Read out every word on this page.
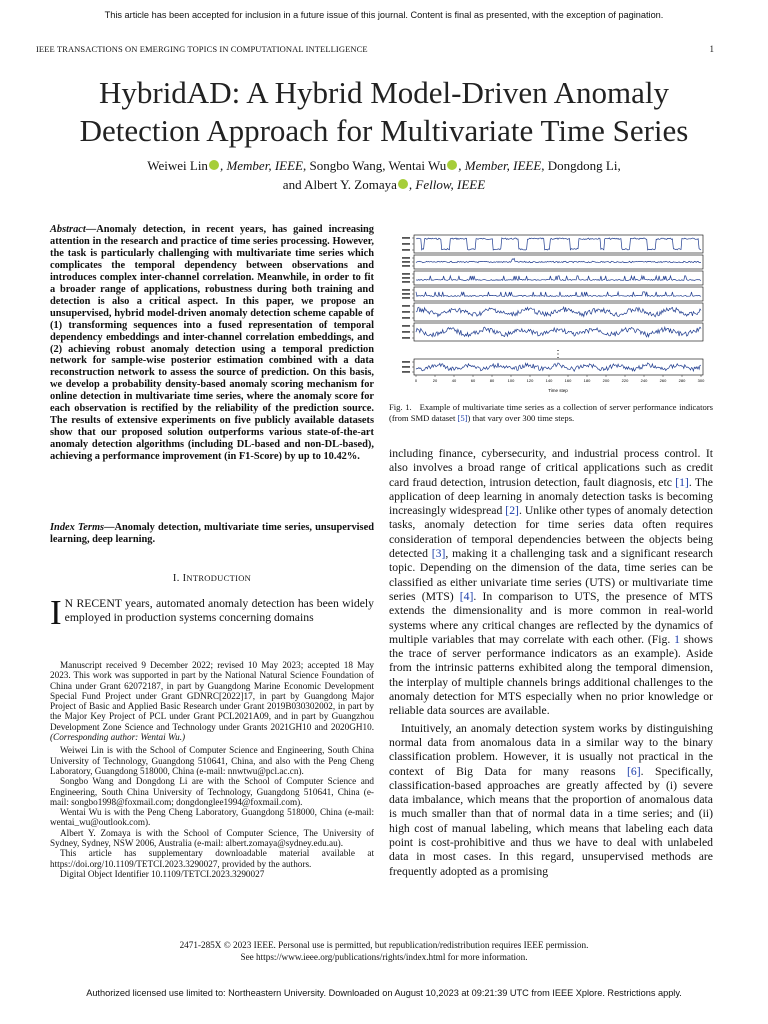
This article has been accepted for inclusion in a future issue of this journal. Content is final as presented, with the exception of pagination.
IEEE TRANSACTIONS ON EMERGING TOPICS IN COMPUTATIONAL INTELLIGENCE	1
HybridAD: A Hybrid Model-Driven Anomaly
Detection Approach for Multivariate Time Series
Weiwei Lin , Member, IEEE, Songbo Wang, Wentai Wu , Member, IEEE, Dongdong Li,
and Albert Y. Zomaya , Fellow, IEEE
Abstract—Anomaly detection, in recent years, has gained increasing attention in the research and practice of time series processing. However, the task is particularly challenging with multivariate time series which complicates the temporal dependency between observations and introduces complex inter-channel correlation. Meanwhile, in order to fit a broader range of applications, robustness during both training and detection is also a critical aspect. In this paper, we propose an unsupervised, hybrid model-driven anomaly detection scheme capable of (1) transforming sequences into a fused representation of temporal dependency embeddings and inter-channel correlation embeddings, and (2) achieving robust anomaly detection using a temporal prediction network for sample-wise posterior estimation combined with a data reconstruction network to assess the source of prediction. On this basis, we develop a probability density-based anomaly scoring mechanism for online detection in multivariate time series, where the anomaly score for each observation is rectified by the reliability of the prediction source. The results of extensive experiments on five publicly available datasets show that our proposed solution outperforms various state-of-the-art anomaly detection algorithms (including DL-based and non-DL-based), achieving a performance improvement (in F1-Score) by up to 10.42%.
Index Terms—Anomaly detection, multivariate time series, unsupervised learning, deep learning.
I. INTRODUCTION
I N RECENT years, automated anomaly detection has been widely employed in production systems concerning domains

Manuscript received 9 December 2022; revised 10 May 2023; accepted 18 May 2023. This work was supported in part by the National Natural Science Foundation of China under Grant 62072187, in part by Guangdong Marine Economic Development Special Fund Project under Grant GDNRC[2022]17, in part by Guangdong Major Project of Basic and Applied Basic Research under Grant 2019B030302002, in part by the Major Key Project of PCL under Grant PCL2021A09, and in part by Guangzhou Development Zone Science and Technology under Grants 2021GH10 and 2020GH10. (Corresponding author: Wentai Wu.)

Weiwei Lin is with the School of Computer Science and Engineering, South China University of Technology, Guangdong 510641, China, and also with the Peng Cheng Laboratory, Guangdong 518000, China (e-mail: nnwtwu@pcl.ac.cn).

Songbo Wang and Dongdong Li are with the School of Computer Science and Engineering, South China University of Technology, Guangdong 510641, China (e-mail: songbo1998@foxmail.com; dongdonglee1994@foxmail.com).

Wentai Wu is with the Peng Cheng Laboratory, Guangdong 518000, China (e-mail: wentai_wu@outlook.com).

Albert Y. Zomaya is with the School of Computer Science, The University of Sydney, Sydney, NSW 2006, Australia (e-mail: albert.zomaya@sydney.edu.au).

This article has supplementary downloadable material available at https://doi.org/10.1109/TETCI.2023.3290027, provided by the authors.

Digital Object Identifier 10.1109/TETCI.2023.3290027

⋮
0	20	40	60	80	100	120	140	160	180	200	220	240	260	280	300
Time step
Fig. 1. Example of multivariate time series as a collection of server performance indicators (from SMD dataset [5]) that vary over 300 time steps.

including finance, cybersecurity, and industrial process control. It also involves a broad range of critical applications such as credit card fraud detection, intrusion detection, fault diagnosis, etc [1]. The application of deep learning in anomaly detection tasks is becoming increasingly widespread [2]. Unlike other types of anomaly detection tasks, anomaly detection for time series data often requires consideration of temporal dependencies between the objects being detected [3], making it a challenging task and a significant research topic. Depending on the dimension of the data, time series can be classified as either univariate time series (UTS) or multivariate time series (MTS) [4]. In comparison to UTS, the presence of MTS extends the dimensionality and is more common in real-world systems where any critical changes are reflected by the dynamics of multiple variables that may correlate with each other. (Fig. 1 shows the trace of server performance indicators as an example). Aside from the intrinsic patterns exhibited along the temporal dimension, the interplay of multiple channels brings additional challenges to the anomaly detection for MTS especially when no prior knowledge or reliable data sources are available.

Intuitively, an anomaly detection system works by distinguishing normal data from anomalous data in a similar way to the binary classification problem. However, it is usually not practical in the context of Big Data for many reasons [6]. Specifically, classification-based approaches are greatly affected by (i) severe data imbalance, which means that the proportion of anomalous data is much smaller than that of normal data in a time series; and (ii) high cost of manual labeling, which means that labeling each data point is cost-prohibitive and thus we have to deal with unlabeled data in most cases. In this regard, unsupervised methods are frequently adopted as a promising

2471-285X © 2023 IEEE. Personal use is permitted, but republication/redistribution requires IEEE permission.
See https://www.ieee.org/publications/rights/index.html for more information.
Authorized licensed use limited to: Northeastern University. Downloaded on August 10,2023 at 09:21:39 UTC from IEEE Xplore. Restrictions apply.
